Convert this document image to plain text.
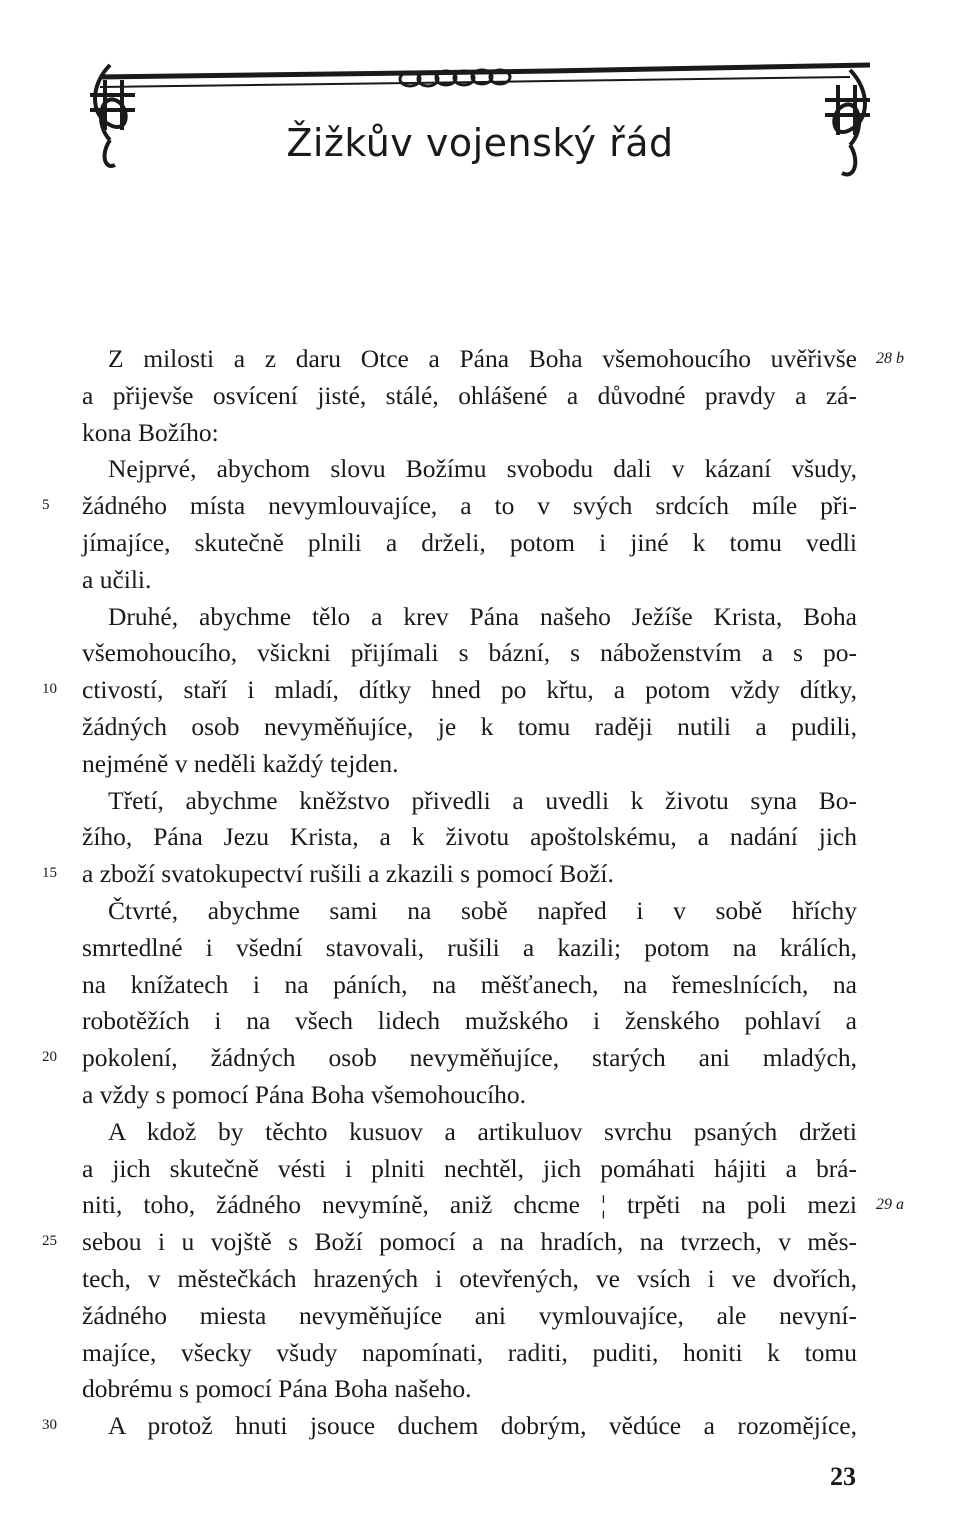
Žižkův vojenský řád
Z milosti a z daru Otce a Pána Boha všemohoucího uvěřivše
a přijevše osvícení jisté, stálé, ohlášené a důvodné pravdy a zá-
kona Božího:
Nejprvé, abychom slovu Božímu svobodu dali v kázaní všudy,
žádného místa nevymlouvajíce, a to v svých srdcích míle při-
jímajíce, skutečně plnili a drželi, potom i jiné k tomu vedli
a učili.
Druhé, abychme tělo a krev Pána našeho Ježíše Krista, Boha
všemohoucího, všickni přijímali s bázní, s náboženstvím a s po-
ctivostí, staří i mladí, dítky hned po křtu, a potom vždy dítky,
žádných osob nevyměňujíce, je k tomu raději nutili a pudili,
nejméně v neděli každý tejden.
Třetí, abychme kněžstvo přivedli a uvedli k životu syna Bo-
žího, Pána Jezu Krista, a k životu apoštolskému, a nadání jich
a zboží svatokupectví rušili a zkazili s pomocí Boží.
Čtvrté, abychme sami na sobě napřed i v sobě hříchy
smrtedlné i všední stavovali, rušili a kazili; potom na králích,
na knížatech i na páních, na měšťanech, na řemeslnících, na
robotěžích i na všech lidech mužského i ženského pohlaví a
pokolení, žádných osob nevyměňujíce, starých ani mladých,
a vždy s pomocí Pána Boha všemohoucího.
A kdož by těchto kusuov a artikuluov svrchu psaných držeti
a jich skutečně vésti i plniti nechtěl, jich pomáhati hájiti a brá-
niti, toho, žádného nevymíně, aniž chcme ¦ trpěti na poli mezi
sebou i u vojště s Boží pomocí a na hradích, na tvrzech, v měs-
tech, v městečkách hrazených i otevřených, ve vsích i ve dvořích,
žádného miesta nevyměňujíce ani vymlouvajíce, ale nevyní-
majíce, všecky všudy napomínati, raditi, puditi, honiti k tomu
dobrému s pomocí Pána Boha našeho.
A protož hnuti jsouce duchem dobrým, vědúce a rozomějíce,
23
5
10
15
20
25
30
28 b
29 a
